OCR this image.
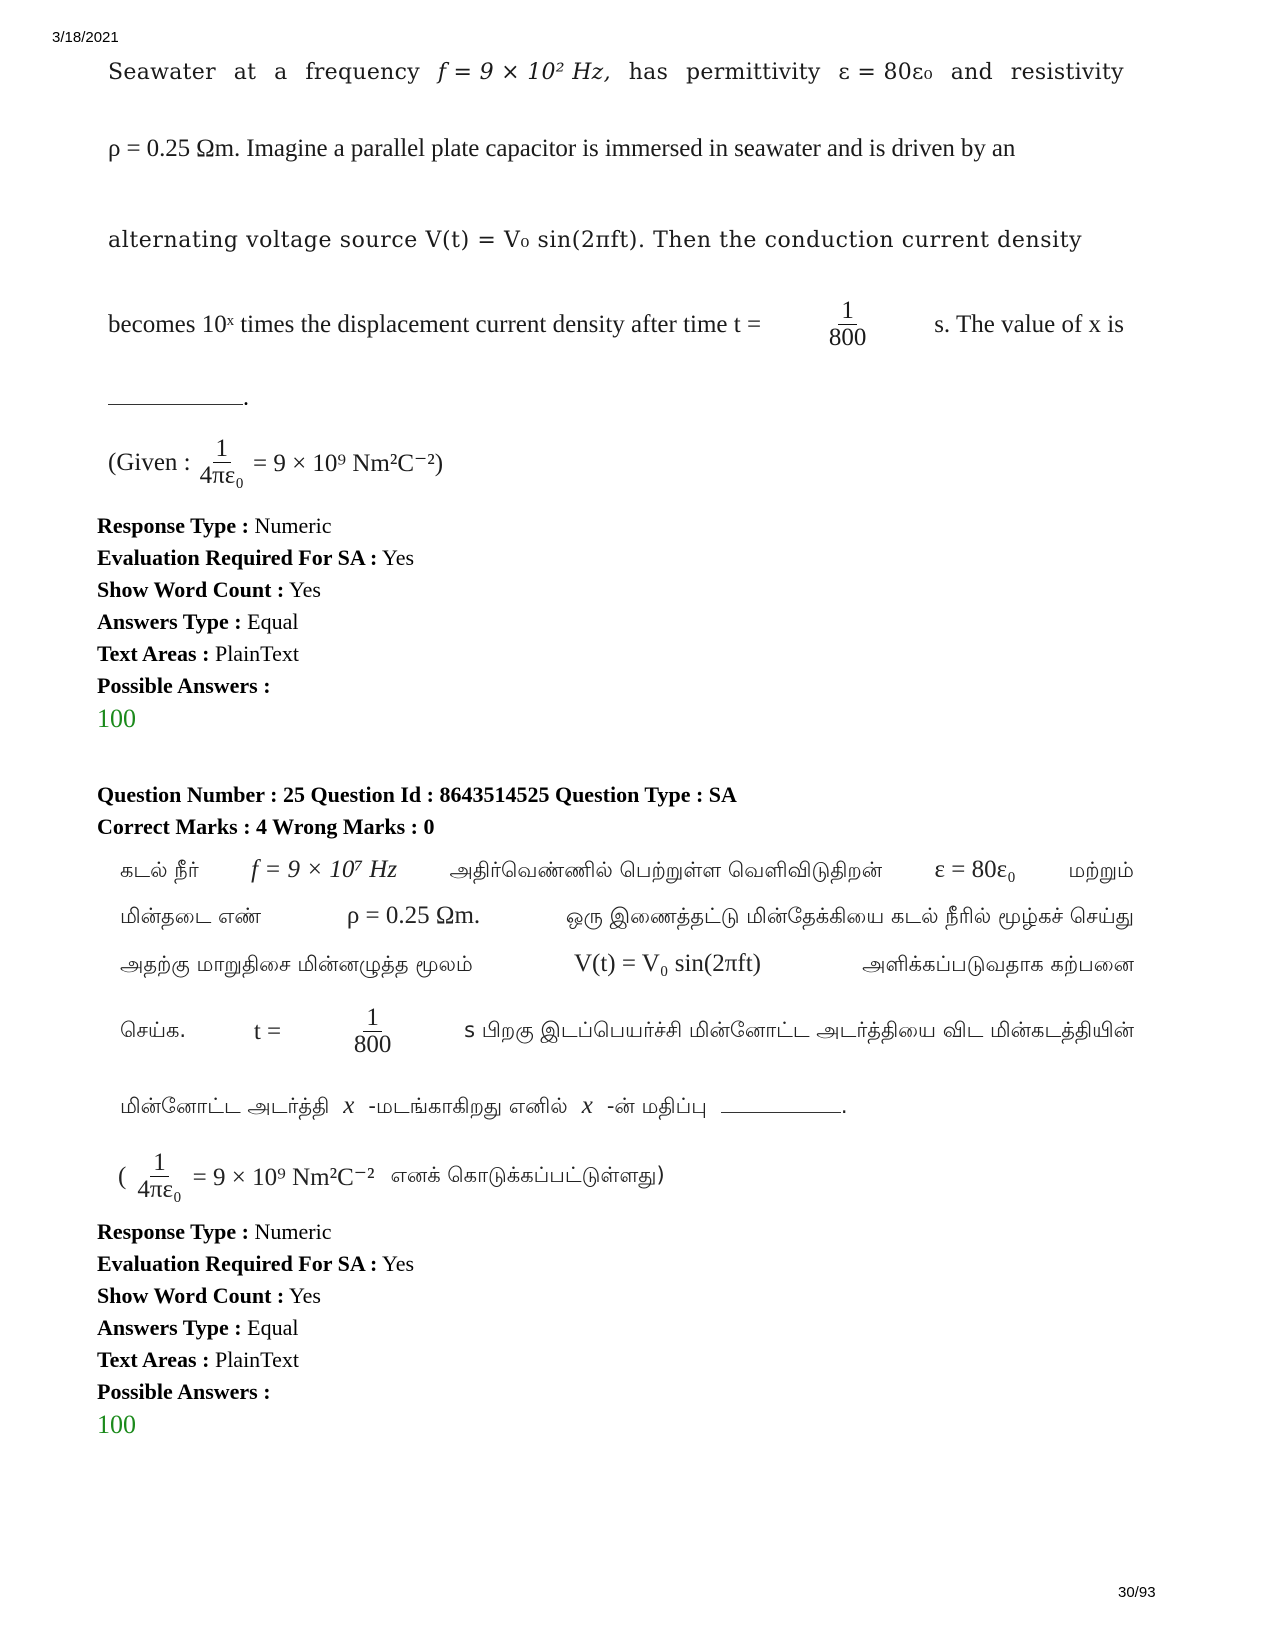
3/18/2021
30/93
Seawater at a frequency f = 9 × 10² Hz, has permittivity ε = 80ε₀ and resistivity
ρ = 0.25 Ωm. Imagine a parallel plate capacitor is immersed in seawater and is driven by an
alternating voltage source V(t) = V₀ sin(2πft). Then the conduction current density
becomes 10ˣ times the displacement current density after time t =	$\frac{1}{800}$	s. The value of x is
.
(Given : $\frac{1}{\text{4πε₀}} = 9 \times 10^9$ Nm²C⁻²)
Response Type : Numeric
Evaluation Required For SA : Yes
Show Word Count : Yes
Answers Type : Equal
Text Areas : PlainText
Possible Answers :
100
Question Number : 25 Question Id : 8643514525 Question Type : SA
Correct Marks : 4 Wrong Marks : 0
கடல் நீர் f = 9 × 10⁷ Hz அதிர்வெண்ணில் பெற்றுள்ள வெளிவிடுதிறன் ε = 80ε₀ மற்றும்
மின்தடை எண்	ρ = 0.25 Ωm.	ஒரு இணைத்தட்டு மின்தேக்கியை கடல் நீரில் மூழ்கச் செய்து
அதற்கு மாறுதிசை மின்னழுத்த மூலம்	V(t) = V₀ sin(2πft)	அளிக்கப்படுவதாக கற்பனை
செய்க.	t =	$\frac{1}{800}$	s பிறகு இடப்பெயர்ச்சி மின்னோட்ட அடர்த்தியை விட மின்கடத்தியின்
மின்னோட்ட அடர்த்தி x -மடங்காகிறது எனில் x -ன் மதிப்பு	.
( $\frac{1}{\text{4πε₀}} = 9 \times 10^9$ Nm²C⁻² எனக் கொடுக்கப்பட்டுள்ளது)
Response Type : Numeric
Evaluation Required For SA : Yes
Show Word Count : Yes
Answers Type : Equal
Text Areas : PlainText
Possible Answers :
100
